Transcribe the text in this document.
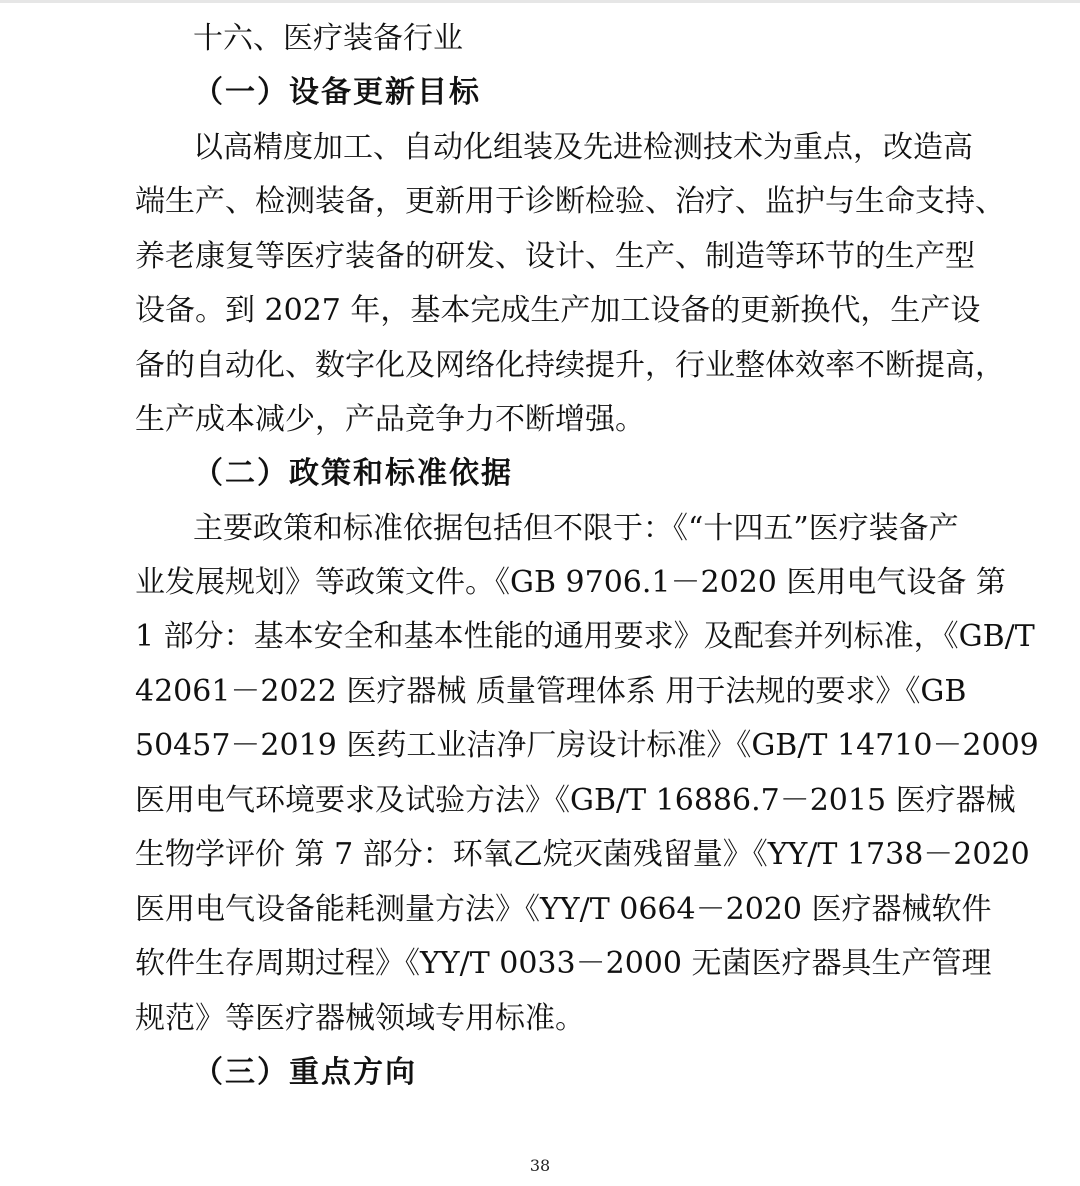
十六、医疗装备行业
（一）设备更新目标
以高精度加工、自动化组装及先进检测技术为重点，改造高
端生产、检测装备，更新用于诊断检验、治疗、监护与生命支持、
养老康复等医疗装备的研发、设计、生产、制造等环节的生产型
设备。到 2027 年，基本完成生产加工设备的更新换代，生产设
备的自动化、数字化及网络化持续提升，行业整体效率不断提高，
生产成本减少，产品竞争力不断增强。
（二）政策和标准依据
主要政策和标准依据包括但不限于：《“十四五”医疗装备产
业发展规划》等政策文件。《GB 9706.1－2020 医用电气设备 第
1 部分：基本安全和基本性能的通用要求》及配套并列标准，《GB/T
42061－2022 医疗器械 质量管理体系 用于法规的要求》《GB
50457－2019 医药工业洁净厂房设计标准》《GB/T 14710－2009
医用电气环境要求及试验方法》《GB/T 16886.7－2015 医疗器械
生物学评价 第 7 部分：环氧乙烷灭菌残留量》《YY/T 1738－2020
医用电气设备能耗测量方法》《YY/T 0664－2020 医疗器械软件
软件生存周期过程》《YY/T 0033－2000 无菌医疗器具生产管理
规范》等医疗器械领域专用标准。
（三）重点方向
38
